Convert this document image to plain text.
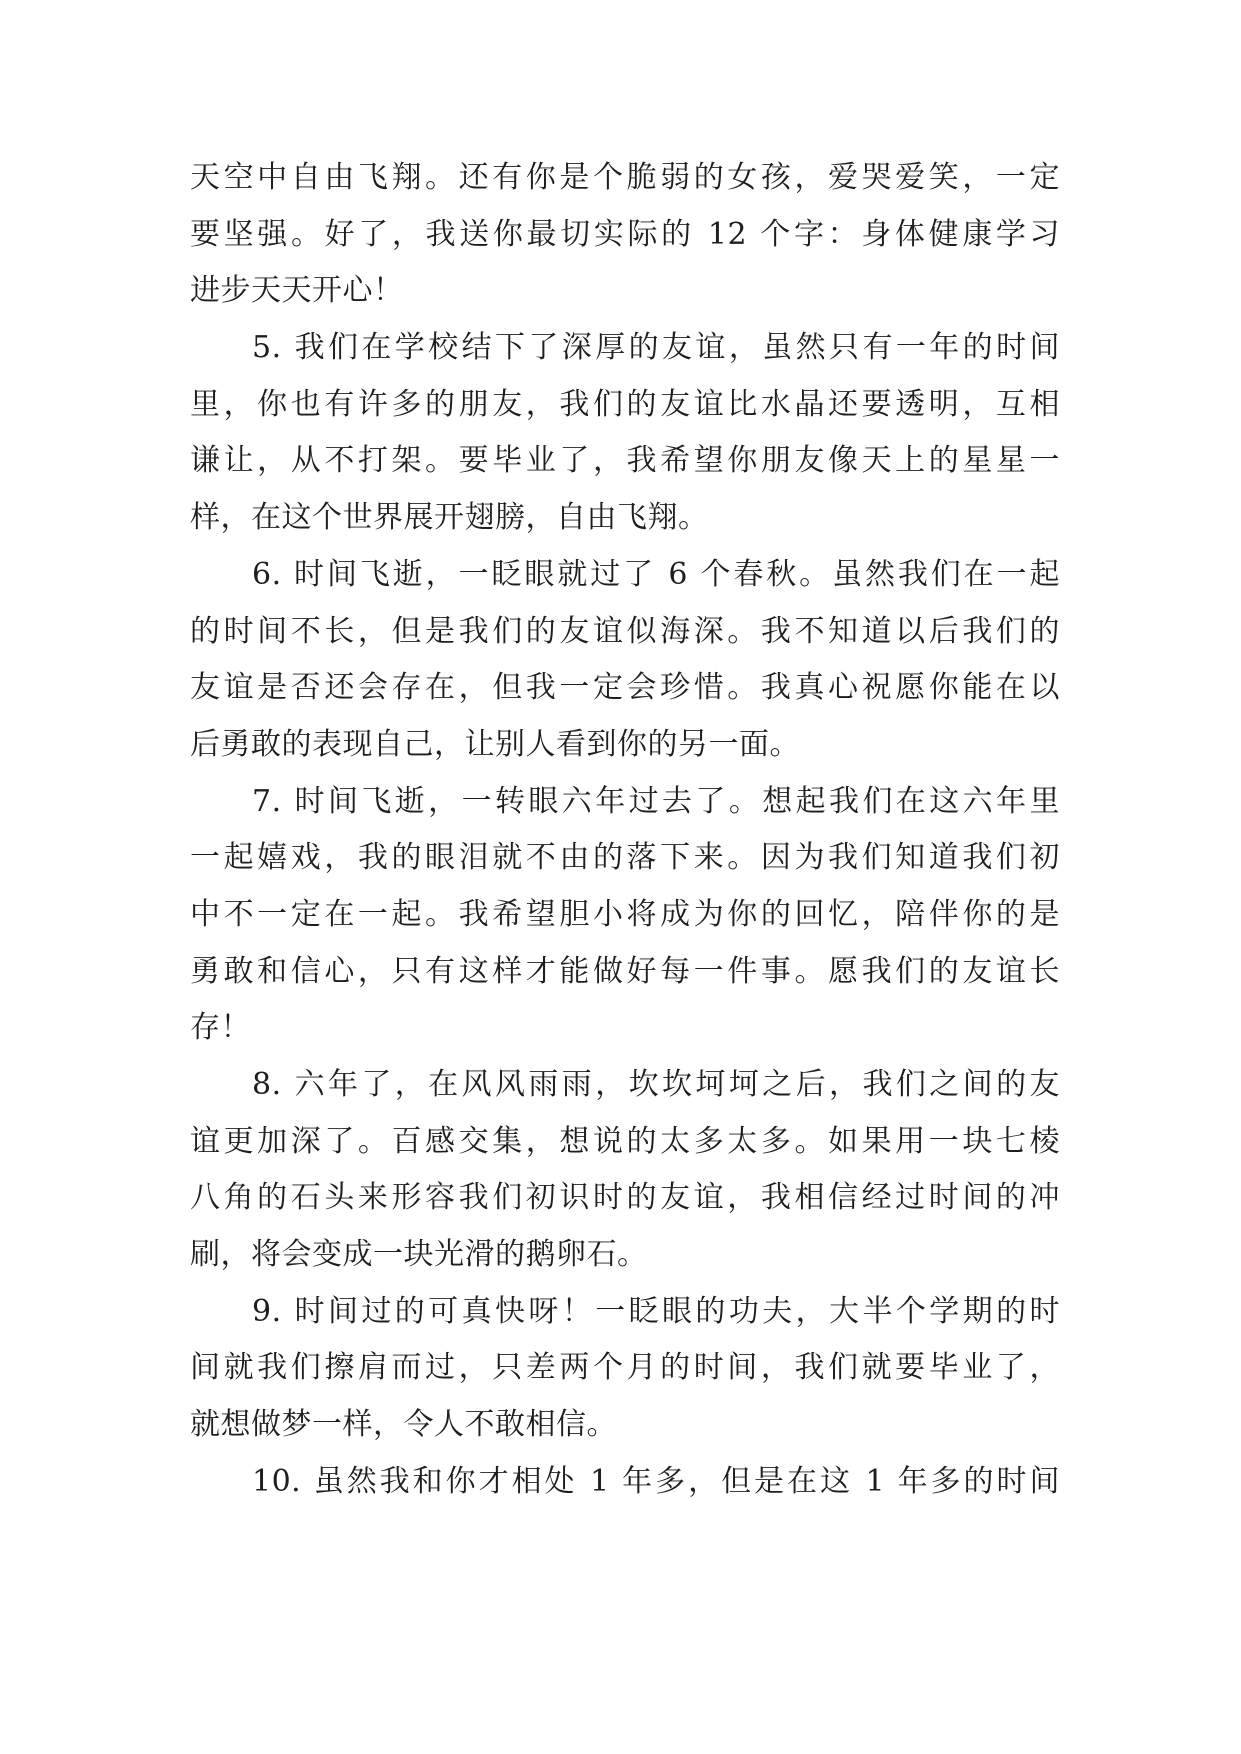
天空中自由飞翔。还有你是个脆弱的女孩，爱哭爱笑，一定
要坚强。好了，我送你最切实际的 12 个字：身体健康学习
进步天天开心！
5. 我们在学校结下了深厚的友谊，虽然只有一年的时间
里，你也有许多的朋友，我们的友谊比水晶还要透明，互相
谦让，从不打架。要毕业了，我希望你朋友像天上的星星一
样，在这个世界展开翅膀，自由飞翔。
6. 时间飞逝，一眨眼就过了 6 个春秋。虽然我们在一起
的时间不长，但是我们的友谊似海深。我不知道以后我们的
友谊是否还会存在，但我一定会珍惜。我真心祝愿你能在以
后勇敢的表现自己，让别人看到你的另一面。
7. 时间飞逝，一转眼六年过去了。想起我们在这六年里
一起嬉戏，我的眼泪就不由的落下来。因为我们知道我们初
中不一定在一起。我希望胆小将成为你的回忆，陪伴你的是
勇敢和信心，只有这样才能做好每一件事。愿我们的友谊长
存！
8. 六年了，在风风雨雨，坎坎坷坷之后，我们之间的友
谊更加深了。百感交集，想说的太多太多。如果用一块七棱
八角的石头来形容我们初识时的友谊，我相信经过时间的冲
刷，将会变成一块光滑的鹅卵石。
9. 时间过的可真快呀！一眨眼的功夫，大半个学期的时
间就我们擦肩而过，只差两个月的时间，我们就要毕业了，
就想做梦一样，令人不敢相信。
10. 虽然我和你才相处 1 年多，但是在这 1 年多的时间
